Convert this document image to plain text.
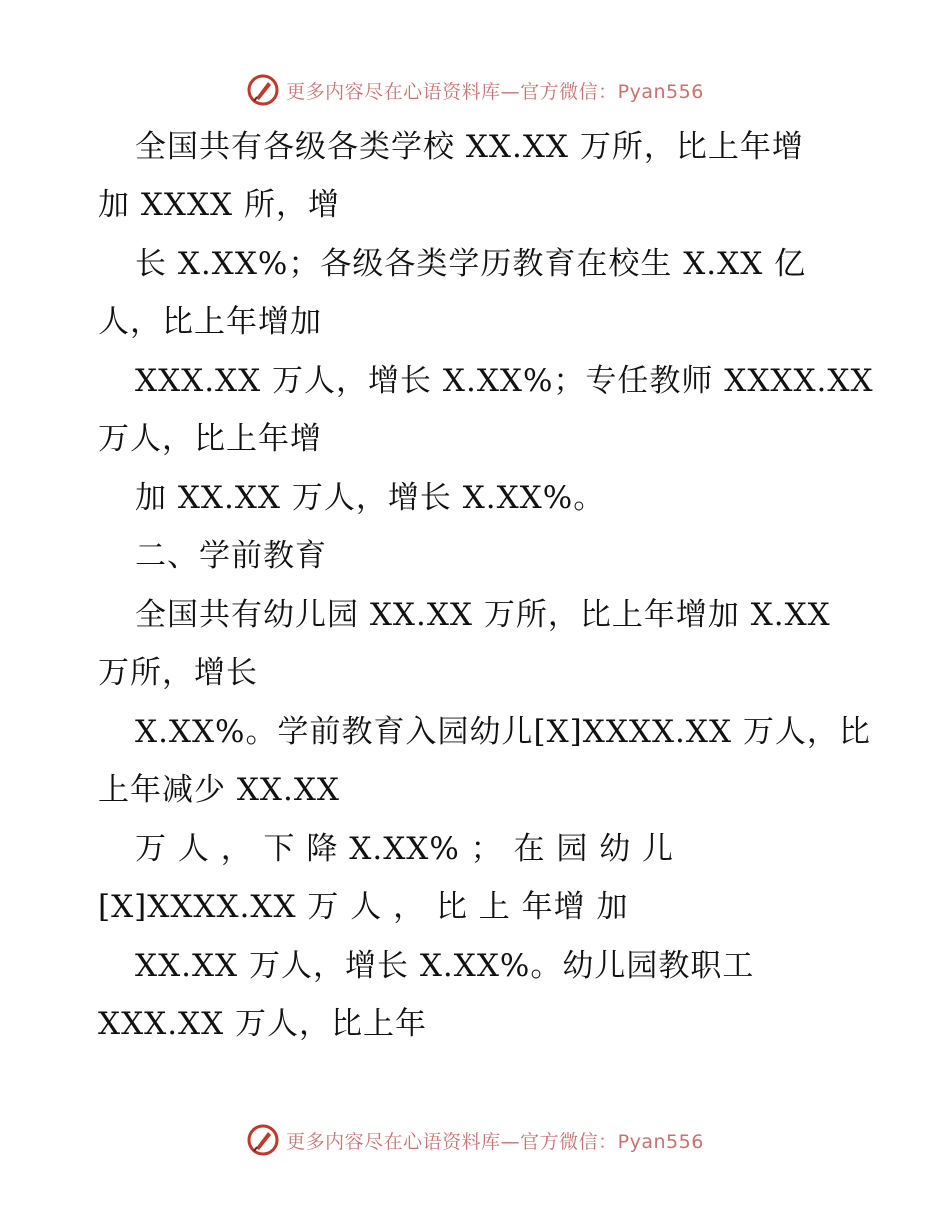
更多内容尽在心语资料库—官方微信：Pyan556
全国共有各级各类学校 XX.XX 万所，比上年增
加 XXXX 所，增
长 X.XX%；各级各类学历教育在校生 X.XX 亿
人，比上年增加
XXX.XX 万人，增长 X.XX%；专任教师 XXXX.XX
万人，比上年增
加 XX.XX 万人，增长 X.XX%。
二、学前教育
全国共有幼儿园 XX.XX 万所，比上年增加 X.XX
万所，增长
X.XX%。学前教育入园幼儿[X]XXXX.XX 万人，比
上年减少 XX.XX
万 人 ， 下 降 X.XX% ； 在 园 幼 儿
[X]XXXX.XX 万 人 ， 比 上 年增 加
XX.XX 万人，增长 X.XX%。幼儿园教职工
XXX.XX 万人，比上年
更多内容尽在心语资料库—官方微信：Pyan556
